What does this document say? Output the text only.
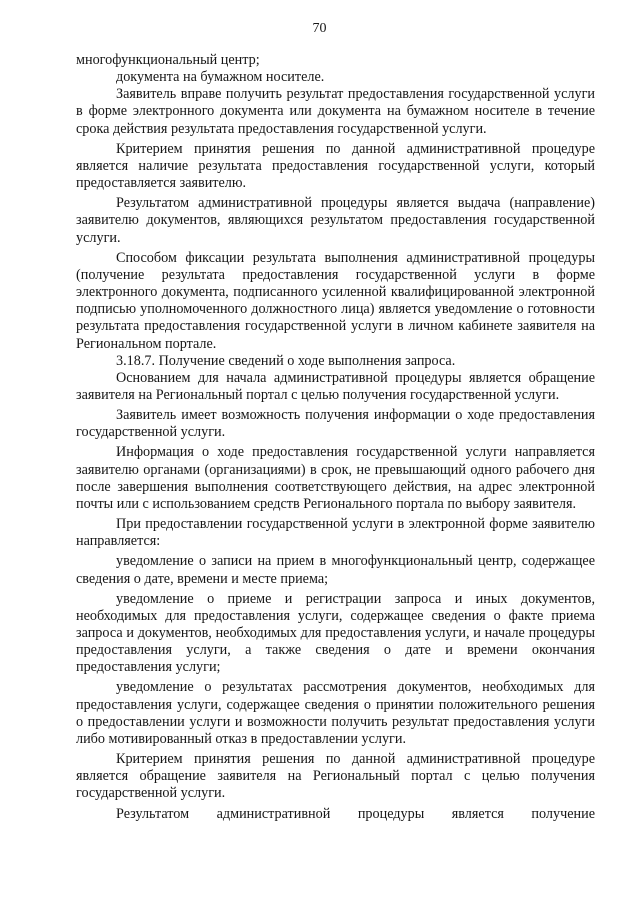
70

многофункциональный центр;

документа на бумажном носителе.

Заявитель вправе получить результат предоставления государственной услуги в форме электронного документа или документа на бумажном носителе в течение срока действия результата предоставления государственной услуги.

Критерием принятия решения по данной административной процедуре является наличие результата предоставления государственной услуги, который предоставляется заявителю.

Результатом административной процедуры является выдача (направление) заявителю документов, являющихся результатом предоставления государственной услуги.

Способом фиксации результата выполнения административной процедуры (получение результата предоставления государственной услуги в форме электронного документа, подписанного усиленной квалифицированной электронной подписью уполномоченного должностного лица) является уведомление о готовности результата предоставления государственной услуги в личном кабинете заявителя на Региональном портале.

3.18.7. Получение сведений о ходе выполнения запроса.

Основанием для начала административной процедуры является обращение заявителя на Региональный портал с целью получения государственной услуги.

Заявитель имеет возможность получения информации о ходе предоставления государственной услуги.

Информация о ходе предоставления государственной услуги направляется заявителю органами (организациями) в срок, не превышающий одного рабочего дня после завершения выполнения соответствующего действия, на адрес электронной почты или с использованием средств Регионального портала по выбору заявителя.

При предоставлении государственной услуги в электронной форме заявителю направляется:

уведомление о записи на прием в многофункциональный центр, содержащее сведения о дате, времени и месте приема;

уведомление о приеме и регистрации запроса и иных документов, необходимых для предоставления услуги, содержащее сведения о факте приема запроса и документов, необходимых для предоставления услуги, и начале процедуры предоставления услуги, а также сведения о дате и времени окончания предоставления услуги;

уведомление о результатах рассмотрения документов, необходимых для предоставления услуги, содержащее сведения о принятии положительного решения о предоставлении услуги и возможности получить результат предоставления услуги либо мотивированный отказ в предоставлении услуги.

Критерием принятия решения по данной административной процедуре является обращение заявителя на Региональный портал с целью получения государственной услуги.

Результатом административной процедуры является получение
